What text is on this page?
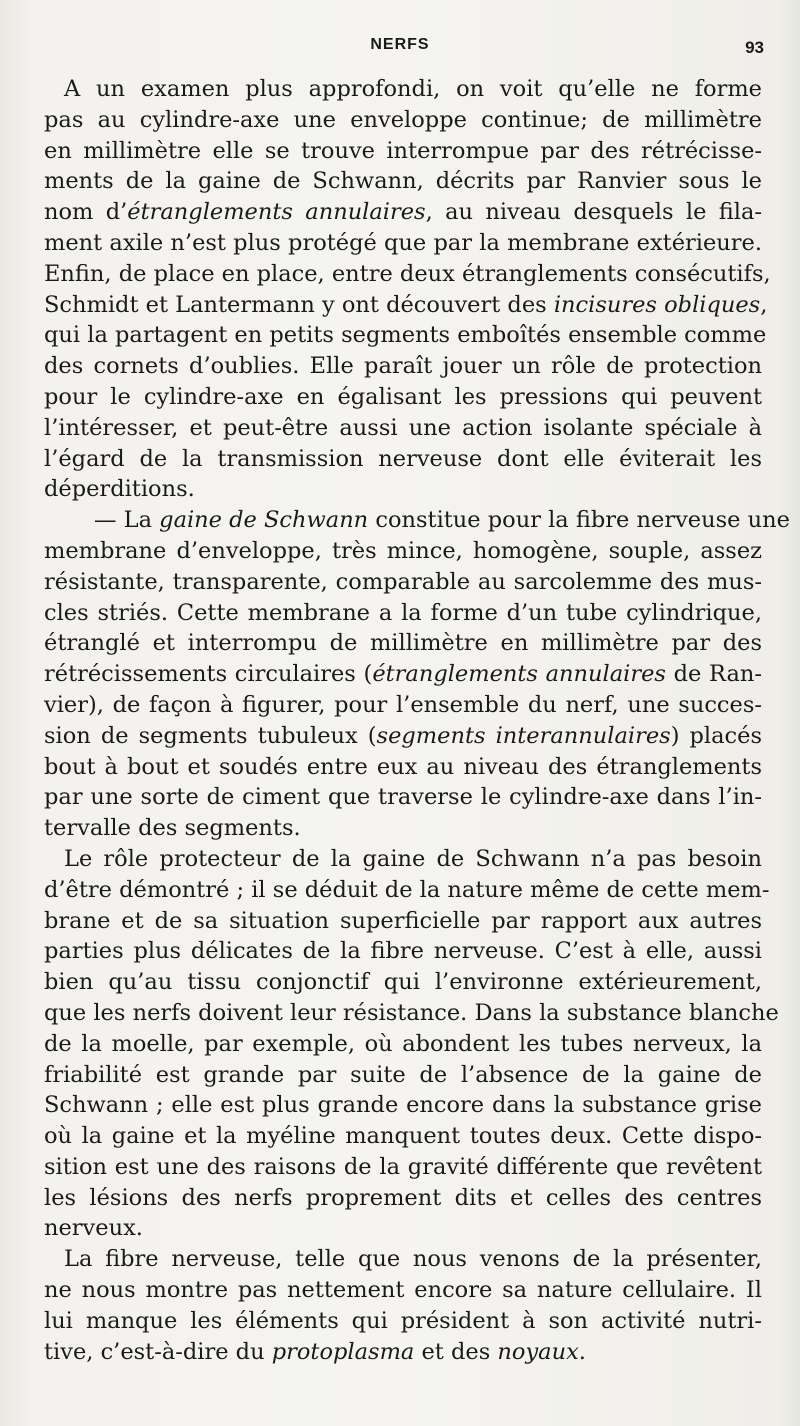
NERFS	93
A un examen plus approfondi, on voit qu’elle ne forme
pas au cylindre-axe une enveloppe continue; de millimètre
en millimètre elle se trouve interrompue par des rétrécisse-
ments de la gaine de Schwann, décrits par Ranvier sous le
nom d’étranglements annulaires, au niveau desquels le fila-
ment axile n’est plus protégé que par la membrane extérieure.
Enfin, de place en place, entre deux étranglements consécutifs,
Schmidt et Lantermann y ont découvert des incisures obliques,
qui la partagent en petits segments emboîtés ensemble comme
des cornets d’oublies. Elle paraît jouer un rôle de protection
pour le cylindre-axe en égalisant les pressions qui peuvent
l’intéresser, et peut-être aussi une action isolante spéciale à
l’égard de la transmission nerveuse dont elle éviterait les
déperditions.
— La gaine de Schwann constitue pour la fibre nerveuse une
membrane d’enveloppe, très mince, homogène, souple, assez
résistante, transparente, comparable au sarcolemme des mus-
cles striés. Cette membrane a la forme d’un tube cylindrique,
étranglé et interrompu de millimètre en millimètre par des
rétrécissements circulaires (étranglements annulaires de Ran-
vier), de façon à figurer, pour l’ensemble du nerf, une succes-
sion de segments tubuleux (segments interannulaires) placés
bout à bout et soudés entre eux au niveau des étranglements
par une sorte de ciment que traverse le cylindre-axe dans l’in-
tervalle des segments.
Le rôle protecteur de la gaine de Schwann n’a pas besoin
d’être démontré ; il se déduit de la nature même de cette mem-
brane et de sa situation superficielle par rapport aux autres
parties plus délicates de la fibre nerveuse. C’est à elle, aussi
bien qu’au tissu conjonctif qui l’environne extérieurement,
que les nerfs doivent leur résistance. Dans la substance blanche
de la moelle, par exemple, où abondent les tubes nerveux, la
friabilité est grande par suite de l’absence de la gaine de
Schwann ; elle est plus grande encore dans la substance grise
où la gaine et la myéline manquent toutes deux. Cette dispo-
sition est une des raisons de la gravité différente que revêtent
les lésions des nerfs proprement dits et celles des centres
nerveux.
La fibre nerveuse, telle que nous venons de la présenter,
ne nous montre pas nettement encore sa nature cellulaire. Il
lui manque les éléments qui président à son activité nutri-
tive, c’est-à-dire du protoplasma et des noyaux.
